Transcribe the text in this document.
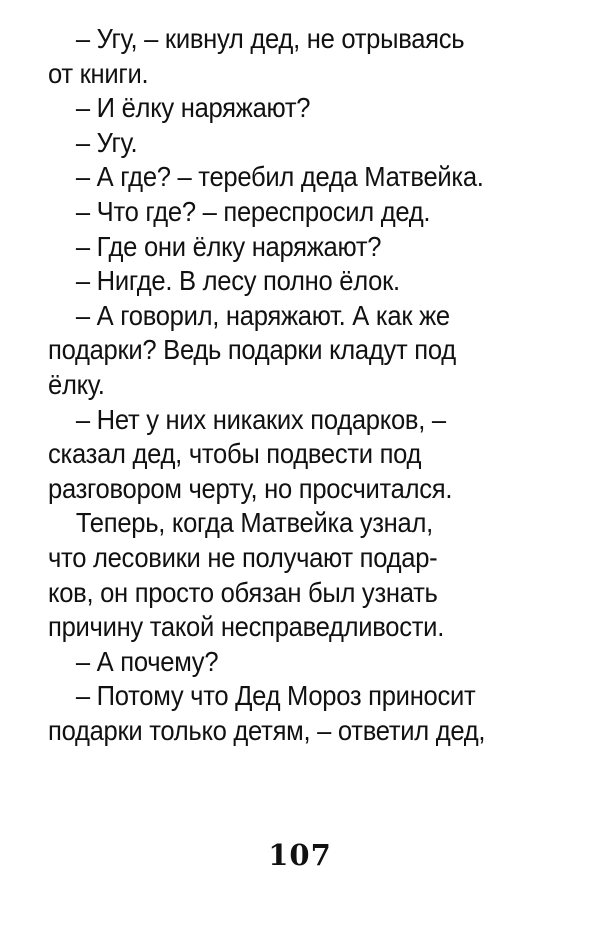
– Угу, – кивнул дед, не отрываясь
от книги.
– И ёлку наряжают?
– Угу.
– А где? – теребил деда Матвейка.
– Что где? – переспросил дед.
– Где они ёлку наряжают?
– Нигде. В лесу полно ёлок.
– А говорил, наряжают. А как же
подарки? Ведь подарки кладут под
ёлку.
– Нет у них никаких подарков, –
сказал дед, чтобы подвести под
разговором черту, но просчитался.
Теперь, когда Матвейка узнал,
что лесовики не получают подар-
ков, он просто обязан был узнать
причину такой несправедливости.
– А почему?
– Потому что Дед Мороз приносит
подарки только детям, – ответил дед,

107
